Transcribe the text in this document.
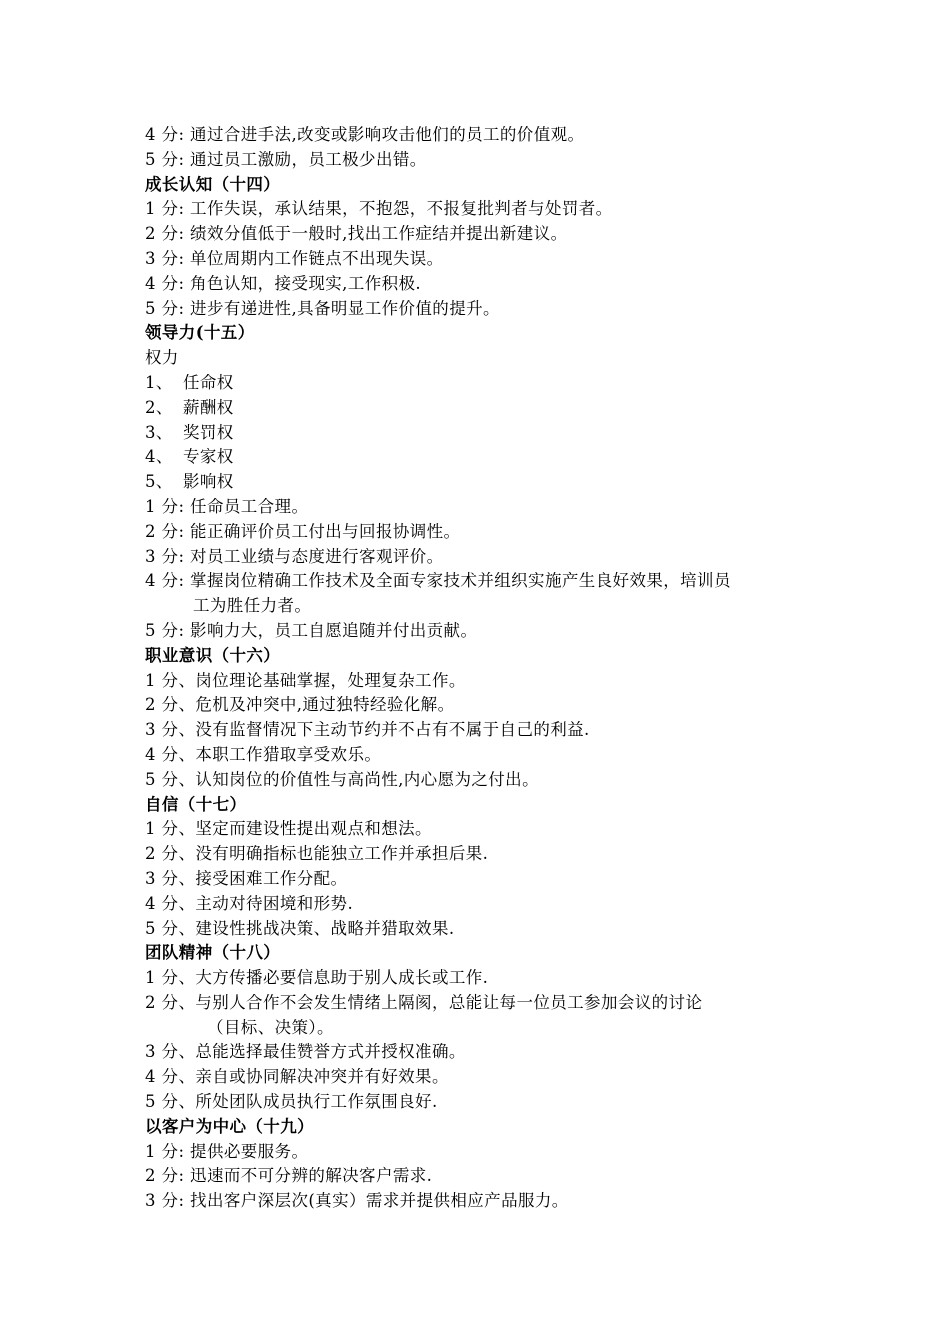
4 分: 通过合进手法,改变或影响攻击他们的员工的价值观。
5 分: 通过员工激励，员工极少出错。
成长认知（十四）
1 分: 工作失误，承认结果，不抱怨，不报复批判者与处罚者。
2 分: 绩效分值低于一般时,找出工作症结并提出新建议。
3 分: 单位周期内工作链点不出现失误。
4 分: 角色认知，接受现实,工作积极.
5 分: 进步有递进性,具备明显工作价值的提升。
领导力(十五）
权力
1、 任命权
2、 薪酬权
3、 奖罚权
4、 专家权
5、 影响权
1 分: 任命员工合理。
2 分: 能正确评价员工付出与回报协调性。
3 分: 对员工业绩与态度进行客观评价。
4 分: 掌握岗位精确工作技术及全面专家技术并组织实施产生良好效果，培训员
工为胜任力者。
5 分: 影响力大，员工自愿追随并付出贡献。
职业意识（十六）
1 分、岗位理论基础掌握，处理复杂工作。
2 分、危机及冲突中,通过独特经验化解。
3 分、没有监督情况下主动节约并不占有不属于自己的利益.
4 分、本职工作猎取享受欢乐。
5 分、认知岗位的价值性与高尚性,内心愿为之付出。
自信（十七）
1 分、坚定而建设性提出观点和想法。
2 分、没有明确指标也能独立工作并承担后果.
3 分、接受困难工作分配。
4 分、主动对待困境和形势.
5 分、建设性挑战决策、战略并猎取效果.
团队精神（十八）
1 分、大方传播必要信息助于别人成长或工作.
2 分、与别人合作不会发生情绪上隔阂，总能让每一位员工参加会议的讨论
（目标、决策）。
3 分、总能选择最佳赞誉方式并授权准确。
4 分、亲自或协同解决冲突并有好效果。
5 分、所处团队成员执行工作氛围良好.
以客户为中心（十九）
1 分: 提供必要服务。
2 分: 迅速而不可分辨的解决客户需求.
3 分: 找出客户深层次(真实）需求并提供相应产品服力。
